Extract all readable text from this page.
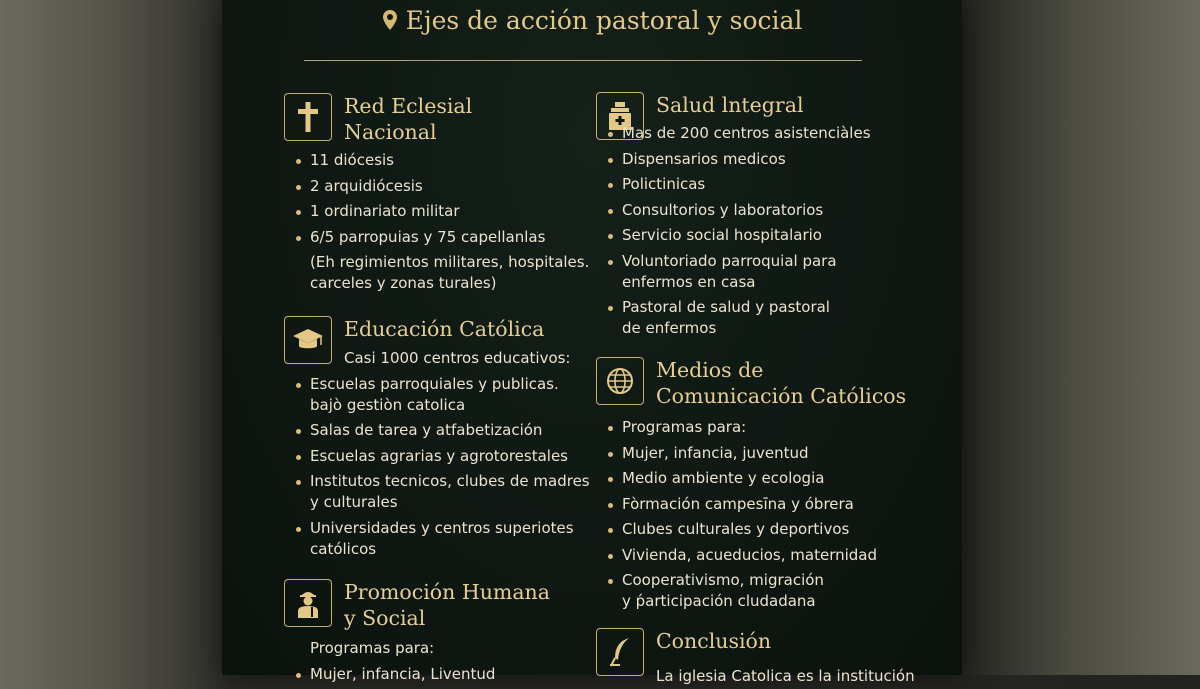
Ejes de acción pastoral y social
Red Eclesial
Nacional
11 diócesis
2 arquidiócesis
1 ordinariato militar
6/5 parropuias y 75 capellanlas
(Eh regimientos militares, hospitales.
carceles y zonas turales)
Educación Católica
Casi 1000 centros educativos:
Escuelas parroquiales y publicas.
bajò gestiòn catolica
Salas de tarea y atfabetización
Escuelas agrarias y agrotorestales
Institutos tecnicos, clubes de madres
y culturales
Universidades y centros superiotes
católicos
Promoción Humana
y Social
Programas para:
Mujer, infancia, Liventud
Salud lntegral
Mas de 200 centros asistenciàles
Dispensarios medicos
Polictinicas
Consultorios y laboratorios
Servicio social hospitalario
Voluntoriado parroquial para
enfermos en casa
Pastoral de salud y pastoral
de enfermos
Medios de
Comunicación Católicos
Programas para:
Mujer, infancia, juventud
Medio ambiente y ecologia
Fòrmación campesīna y óbrera
Clubes culturales y deportivos
Vivienda, acueducios, maternidad
Cooperativismo, migración
y ṕarticipación cludadana
Conclusión
La iglesia Catolica es la institución
